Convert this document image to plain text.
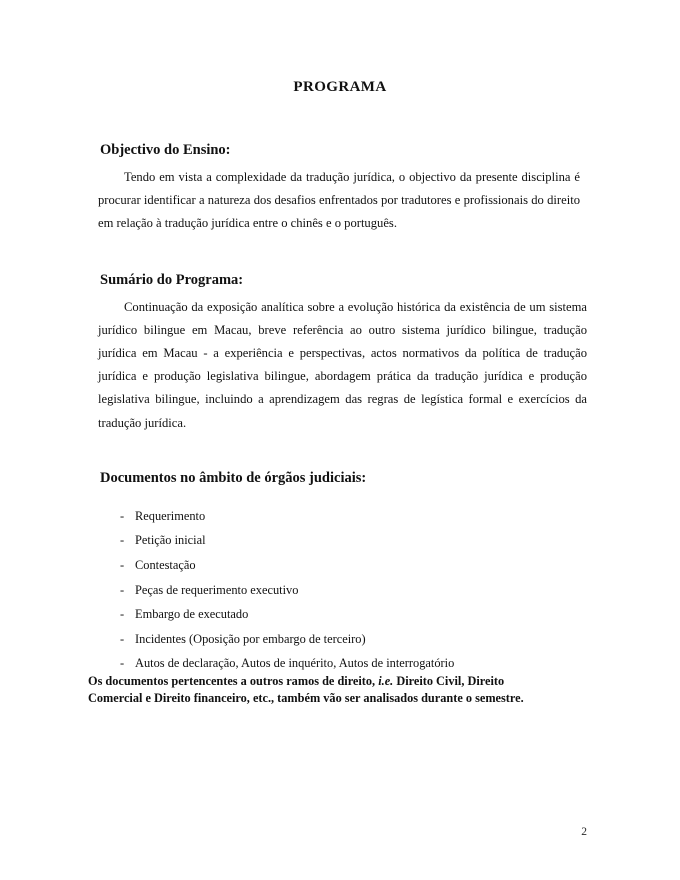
PROGRAMA
Objectivo do Ensino:

Tendo em vista a complexidade da tradução jurídica, o objectivo da presente disciplina é procurar identificar a natureza dos desafios enfrentados por tradutores e profissionais do direito em relação à tradução jurídica entre o chinês e o português.

Sumário do Programa:

Continuação da exposição analítica sobre a evolução histórica da existência de um sistema jurídico bilingue em Macau, breve referência ao outro sistema jurídico bilingue, tradução jurídica em Macau - a experiência e perspectivas, actos normativos da política de tradução jurídica e produção legislativa bilingue, abordagem prática da tradução jurídica e produção legislativa bilingue, incluindo a aprendizagem das regras de legística formal e exercícios da tradução jurídica.

Documentos no âmbito de órgãos judiciais:
- Requerimento
- Petição inicial
- Contestação
- Peças de requerimento executivo
- Embargo de executado
- Incidentes (Oposição por embargo de terceiro)
- Autos de declaração, Autos de inquérito, Autos de interrogatório

Os documentos pertencentes a outros ramos de direito, i.e. Direito Civil, Direito
Comercial e Direito financeiro, etc., também vão ser analisados durante o semestre.

2
